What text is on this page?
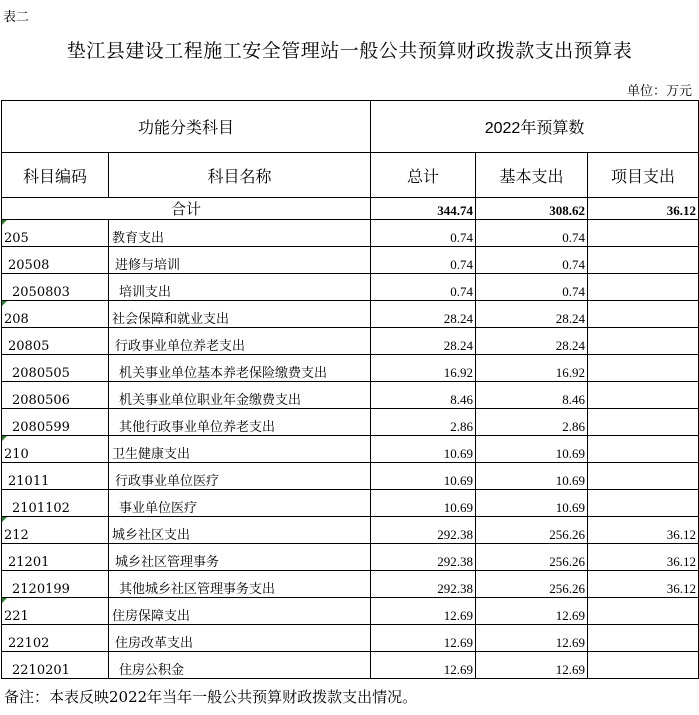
表二
垫江县建设工程施工安全管理站一般公共预算财政拨款支出预算表
单位：万元
功能分类科目		2022年预算数		
科目编码	科目名称	总计	基本支出	项目支出
合计		344.74	308.62	36.12

205	教育支出	0.74	0.74	
20508	进修与培训	0.74	0.74	
2050803	培训支出	0.74	0.74	

208	社会保障和就业支出	28.24	28.24	
20805	行政事业单位养老支出	28.24	28.24	
2080505	机关事业单位基本养老保险缴费支出	16.92	16.92	
2080506	机关事业单位职业年金缴费支出	8.46	8.46	
2080599	其他行政事业单位养老支出	2.86	2.86	

210	卫生健康支出	10.69	10.69	
21011	行政事业单位医疗	10.69	10.69	
2101102	事业单位医疗	10.69	10.69	

212	城乡社区支出	292.38	256.26	36.12
21201	城乡社区管理事务	292.38	256.26	36.12
2120199	其他城乡社区管理事务支出	292.38	256.26	36.12

221	住房保障支出	12.69	12.69	
22102	住房改革支出	12.69	12.69	
2210201	住房公积金	12.69	12.69	
备注：本表反映2022年当年一般公共预算财政拨款支出情况。
